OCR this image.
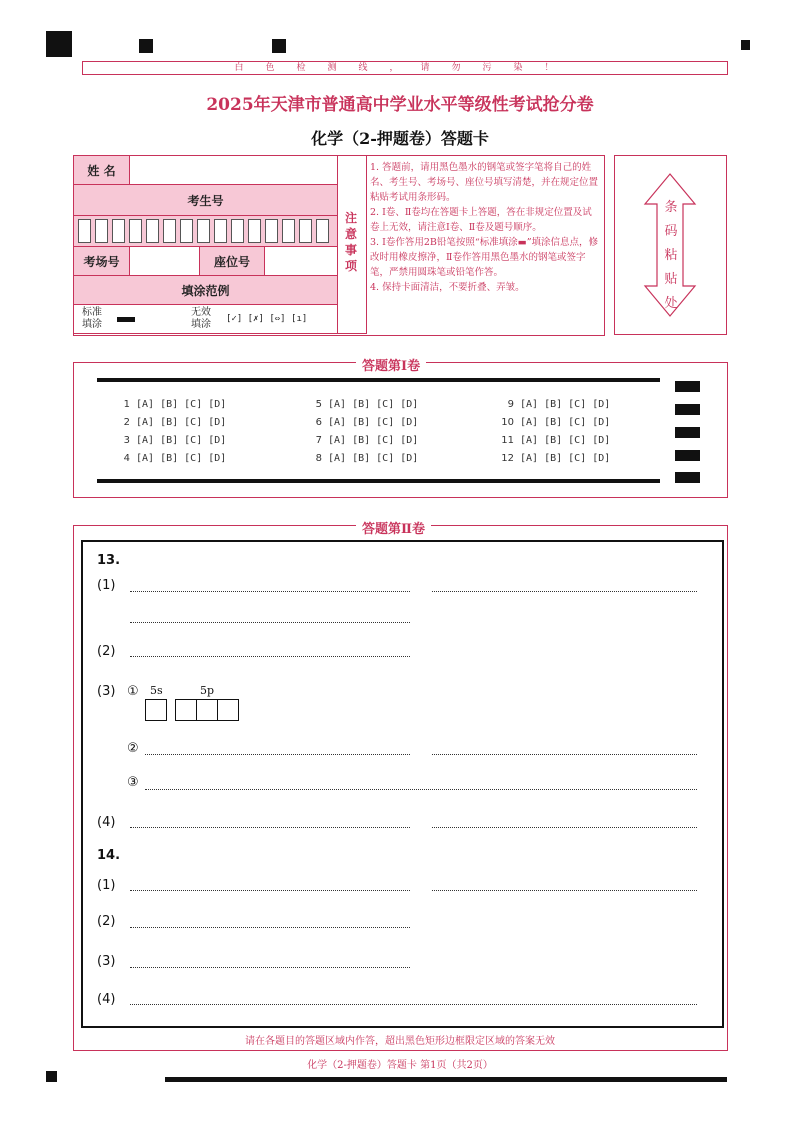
白色检测线，请勿污染！
2025年天津市普通高中学业水平等级性考试抢分卷
化学（2-押题卷）答题卡
姓 名
考生号
考场号	座位号
填涂范例
标准填涂
无效填涂	[✓] [✗] [⇔] [ı]
注意事项
1. 答题前，请用黑色墨水的钢笔或签字笔将自己的姓名、考生号、考场号、座位号填写清楚，并在规定位置粘贴考试用条形码。
2. Ⅰ卷、Ⅱ卷均在答题卡上答题，答在非规定位置及试卷上无效，请注意Ⅰ卷、Ⅱ卷及题号顺序。
3. Ⅰ卷作答用2B铅笔按照“标准填涂▬”填涂信息点，修改时用橡皮擦净，Ⅱ卷作答用黑色墨水的钢笔或签字笔，严禁用圆珠笔或铅笔作答。
4. 保持卡面清洁，不要折叠、弄皱。
条码粘贴处
答题第Ⅰ卷
1 [A] [B] [C] [D]
2 [A] [B] [C] [D]
3 [A] [B] [C] [D]
4 [A] [B] [C] [D]
5 [A] [B] [C] [D]
6 [A] [B] [C] [D]
7 [A] [B] [C] [D]
8 [A] [B] [C] [D]
9 [A] [B] [C] [D]
10 [A] [B] [C] [D]
11 [A] [B] [C] [D]
12 [A] [B] [C] [D]
答题第Ⅱ卷
13.
(1)
(2)
(3) ① 5s	5p
②
③
(4)
14.
(1)
(2)
(3)
(4)
请在各题目的答题区域内作答，超出黑色矩形边框限定区域的答案无效
化学（2-押题卷）答题卡 第1页（共2页）
